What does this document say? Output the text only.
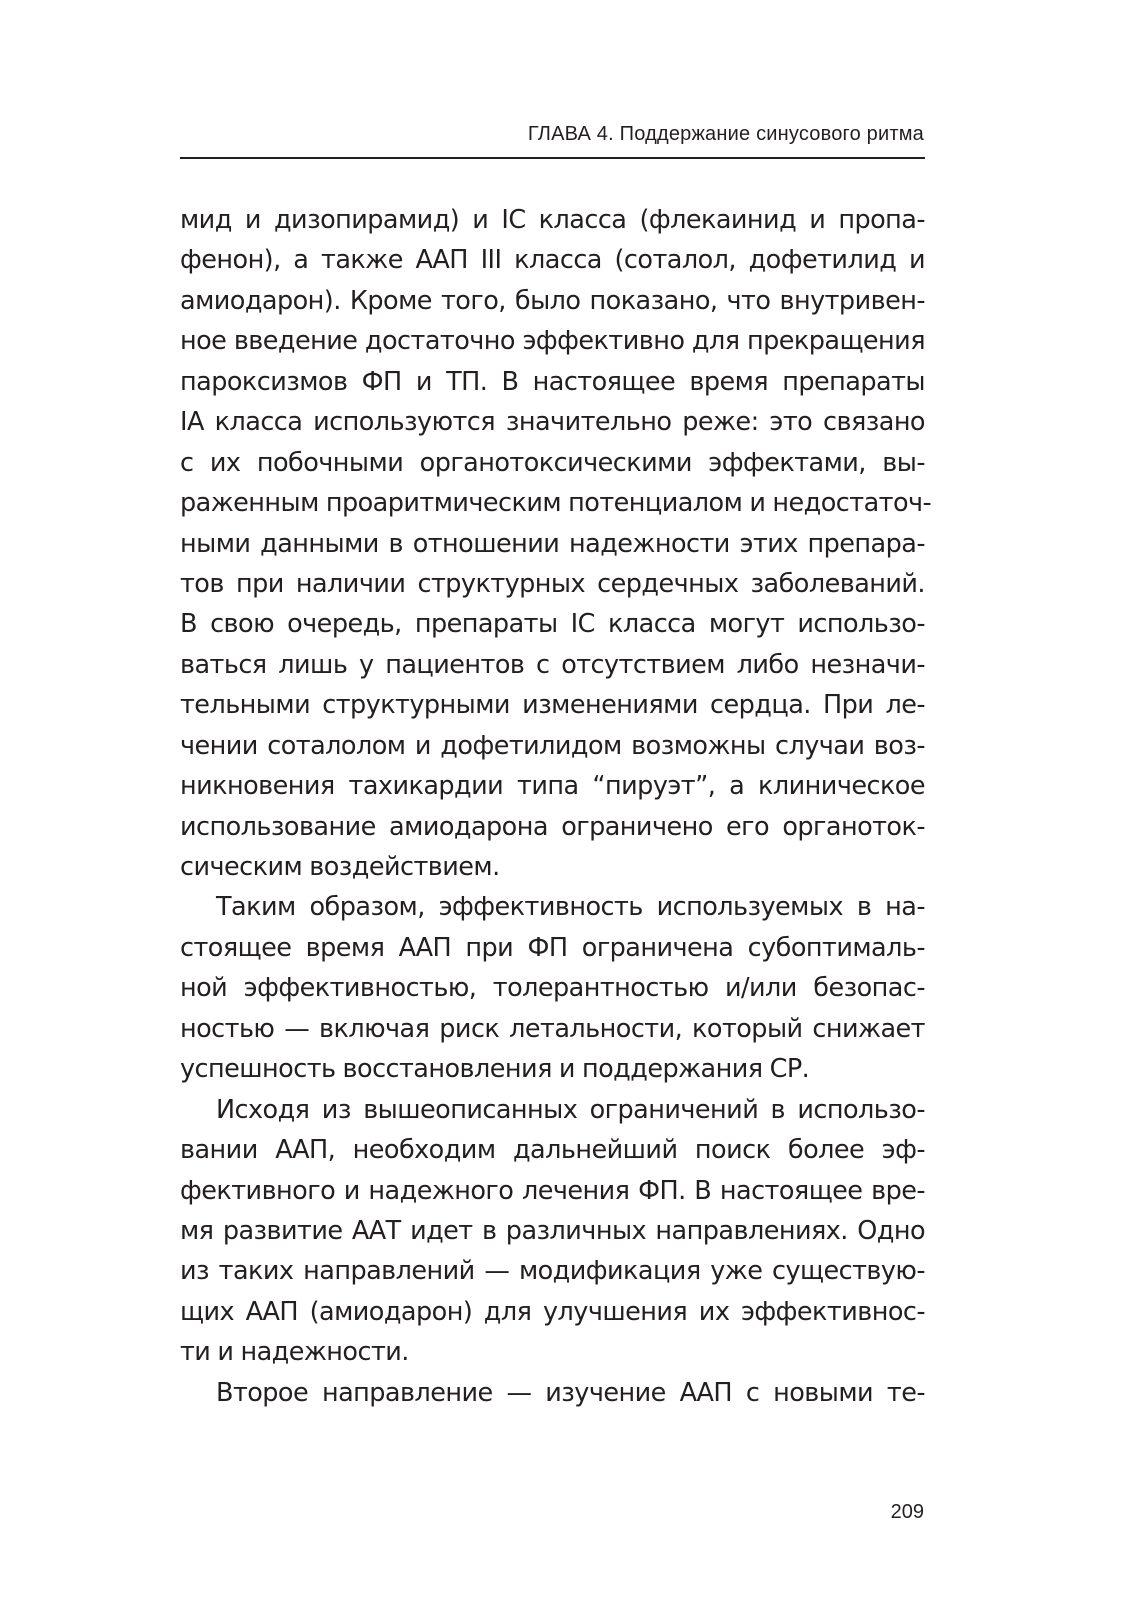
ГЛАВА 4. Поддержание синусового ритма
мид и дизопирамид) и IC класса (флекаинид и пропа-
фенон), а также ААП III класса (соталол, дофетилид и
амиодарон). Кроме того, было показано, что внутривен-
ное введение достаточно эффективно для прекращения
пароксизмов ФП и ТП. В настоящее время препараты
IA класса используются значительно реже: это связано
с их побочными органотоксическими эффектами, вы-
раженным проаритмическим потенциалом и недостаточ-
ными данными в отношении надежности этих препара-
тов при наличии структурных сердечных заболеваний.
В свою очередь, препараты IC класса могут использо-
ваться лишь у пациентов с отсутствием либо незначи-
тельными структурными изменениями сердца. При ле-
чении соталолом и дофетилидом возможны случаи воз-
никновения тахикардии типа “пируэт”, а клиническое
использование амиодарона ограничено его органоток-
сическим воздействием.
Таким образом, эффективность используемых в на-
стоящее время ААП при ФП ограничена субоптималь-
ной эффективностью, толерантностью и/или безопас-
ностью — включая риск летальности, который снижает
успешность восстановления и поддержания СР.
Исходя из вышеописанных ограничений в использо-
вании ААП, необходим дальнейший поиск более эф-
фективного и надежного лечения ФП. В настоящее вре-
мя развитие ААТ идет в различных направлениях. Одно
из таких направлений — модификация уже существую-
щих ААП (амиодарон) для улучшения их эффективнос-
ти и надежности.
Второе направление — изучение ААП с новыми те-
209
